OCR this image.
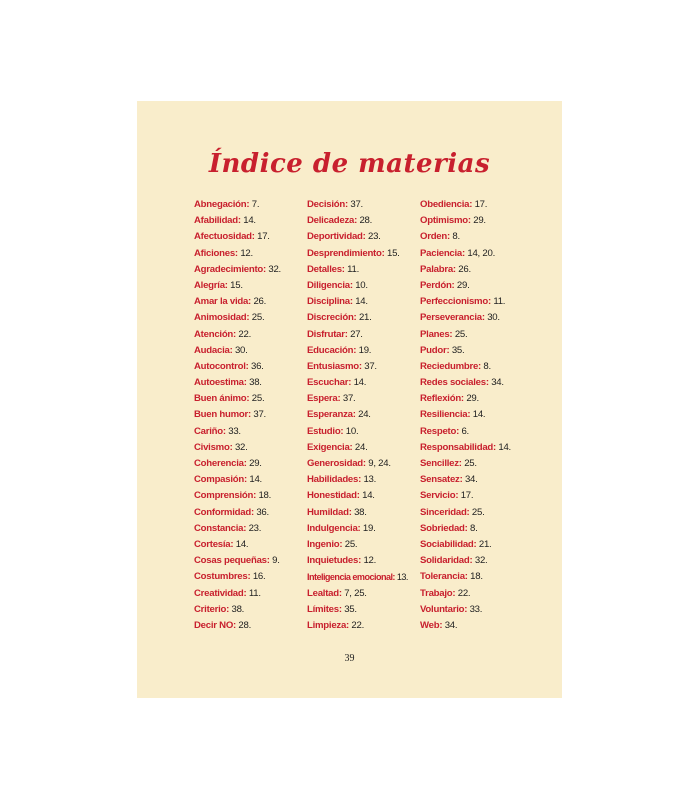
Índice de materias
Abnegación: 7.
Afabilidad: 14.
Afectuosidad: 17.
Aficiones: 12.
Agradecimiento: 32.
Alegría: 15.
Amar la vida: 26.
Animosidad: 25.
Atención: 22.
Audacia: 30.
Autocontrol: 36.
Autoestima: 38.
Buen ánimo: 25.
Buen humor: 37.
Cariño: 33.
Civismo: 32.
Coherencia: 29.
Compasión: 14.
Comprensión: 18.
Conformidad: 36.
Constancia: 23.
Cortesía: 14.
Cosas pequeñas: 9.
Costumbres: 16.
Creatividad: 11.
Criterio: 38.
Decir NO: 28.
Decisión: 37.
Delicadeza: 28.
Deportividad: 23.
Desprendimiento: 15.
Detalles: 11.
Diligencia: 10.
Disciplina: 14.
Discreción: 21.
Disfrutar: 27.
Educación: 19.
Entusiasmo: 37.
Escuchar: 14.
Espera: 37.
Esperanza: 24.
Estudio: 10.
Exigencia: 24.
Generosidad: 9, 24.
Habilidades: 13.
Honestidad: 14.
Humildad: 38.
Indulgencia: 19.
Ingenio: 25.
Inquietudes: 12.
Inteligencia emocional: 13.
Lealtad: 7, 25.
Límites: 35.
Limpieza: 22.
Obediencia: 17.
Optimismo: 29.
Orden: 8.
Paciencia: 14, 20.
Palabra: 26.
Perdón: 29.
Perfeccionismo: 11.
Perseverancia: 30.
Planes: 25.
Pudor: 35.
Reciedumbre: 8.
Redes sociales: 34.
Reflexión: 29.
Resiliencia: 14.
Respeto: 6.
Responsabilidad: 14.
Sencillez: 25.
Sensatez: 34.
Servicio: 17.
Sinceridad: 25.
Sobriedad: 8.
Sociabilidad: 21.
Solidaridad: 32.
Tolerancia: 18.
Trabajo: 22.
Voluntario: 33.
Web: 34.
39
